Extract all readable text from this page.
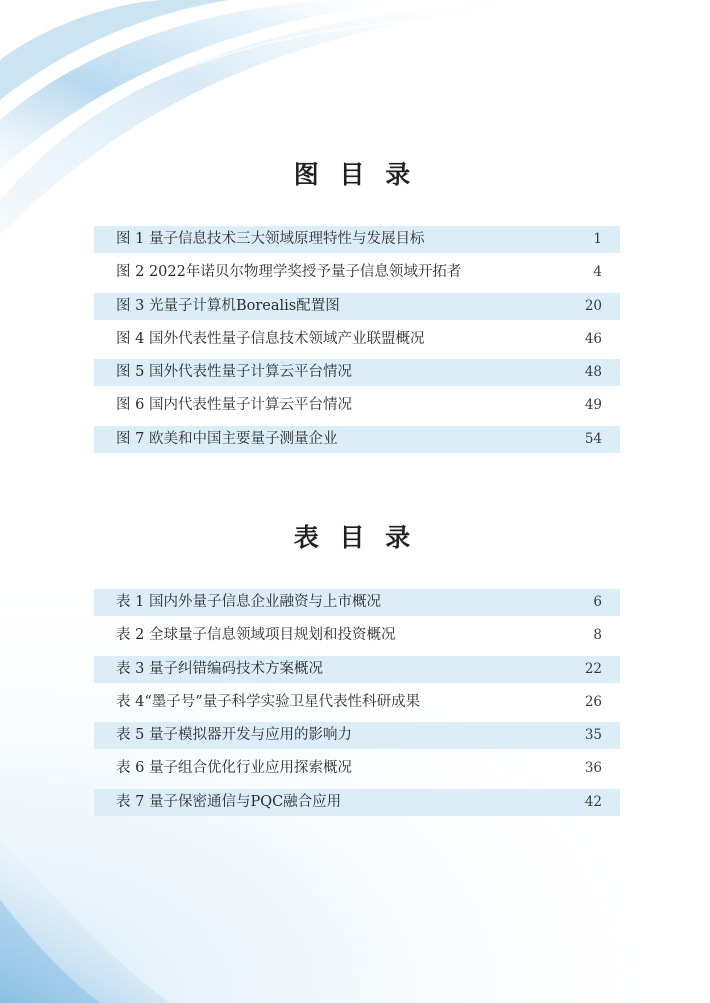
图 目 录
图 1 量子信息技术三大领域原理特性与发展目标	1
图 2 2022年诺贝尔物理学奖授予量子信息领域开拓者	4
图 3 光量子计算机Borealis配置图	20
图 4 国外代表性量子信息技术领域产业联盟概况	46
图 5 国外代表性量子计算云平台情况	48
图 6 国内代表性量子计算云平台情况	49
图 7 欧美和中国主要量子测量企业	54
表 目 录
表 1 国内外量子信息企业融资与上市概况	6
表 2 全球量子信息领域项目规划和投资概况	8
表 3 量子纠错编码技术方案概况	22
表 4“墨子号”量子科学实验卫星代表性科研成果	26
表 5 量子模拟器开发与应用的影响力	35
表 6 量子组合优化行业应用探索概况	36
表 7 量子保密通信与PQC融合应用	42
